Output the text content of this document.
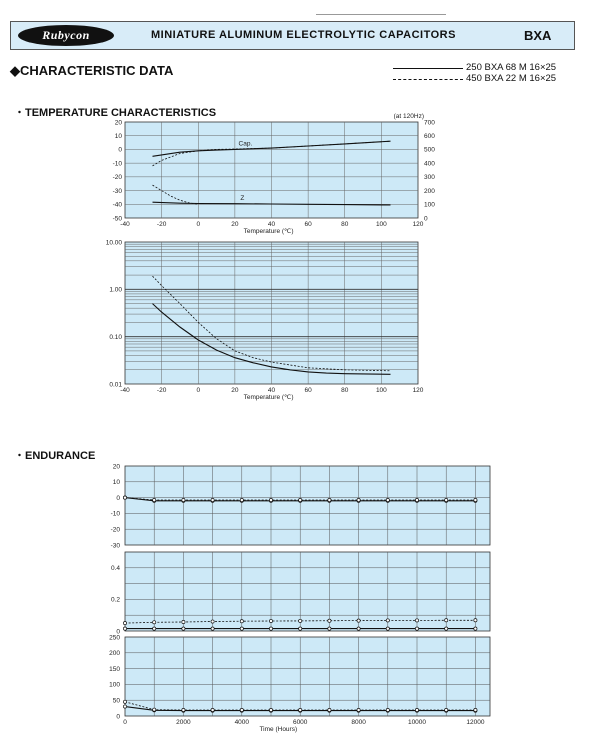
Rubycon	MINIATURE ALUMINUM ELECTROLYTIC CAPACITORS	BXA
◆CHARACTERISTIC DATA	250 BXA 68 M 16×25
450 BXA 22 M 16×25
・TEMPERATURE CHARACTERISTICS
・ENDURANCE
-40	-20	0	20	40	60	80	100	120
20
10
0
-10
-20
-30
-40
-50
700
600
500
400
300
200
100
0
Temperature (℃)
(at 120Hz)
Cap.
Z
-40	-20	0	20	40	60	80	100	120
10.00
1.00
0.10
0.01
Temperature (℃)
20
10
0
-10
-20
-30
0.4
0.2
0
250
200
150
100
50
0
0	2000	4000	6000	8000	10000	12000
Time (Hours)
